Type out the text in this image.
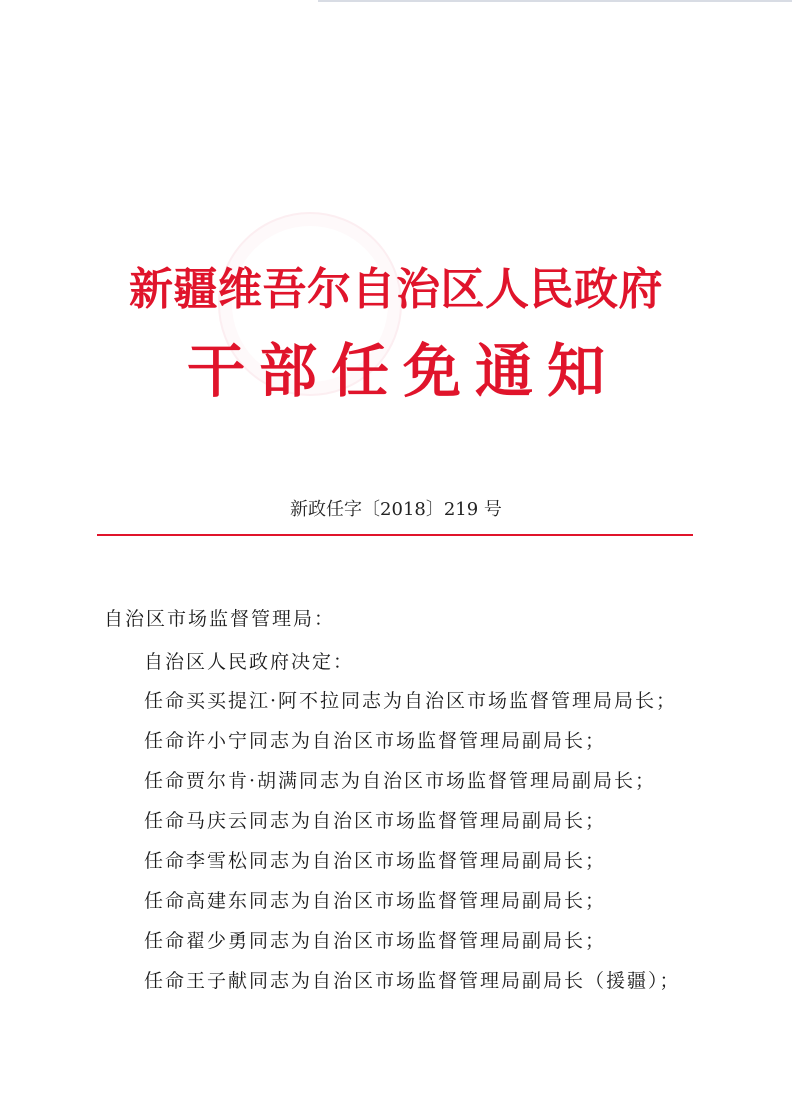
新疆维吾尔自治区人民政府
干部任免通知
新政任字〔2018〕219 号
自治区市场监督管理局：
自治区人民政府决定：
任命买买提江·阿不拉同志为自治区市场监督管理局局长；
任命许小宁同志为自治区市场监督管理局副局长；
任命贾尔肯·胡满同志为自治区市场监督管理局副局长；
任命马庆云同志为自治区市场监督管理局副局长；
任命李雪松同志为自治区市场监督管理局副局长；
任命高建东同志为自治区市场监督管理局副局长；
任命翟少勇同志为自治区市场监督管理局副局长；
任命王子献同志为自治区市场监督管理局副局长（援疆）；
